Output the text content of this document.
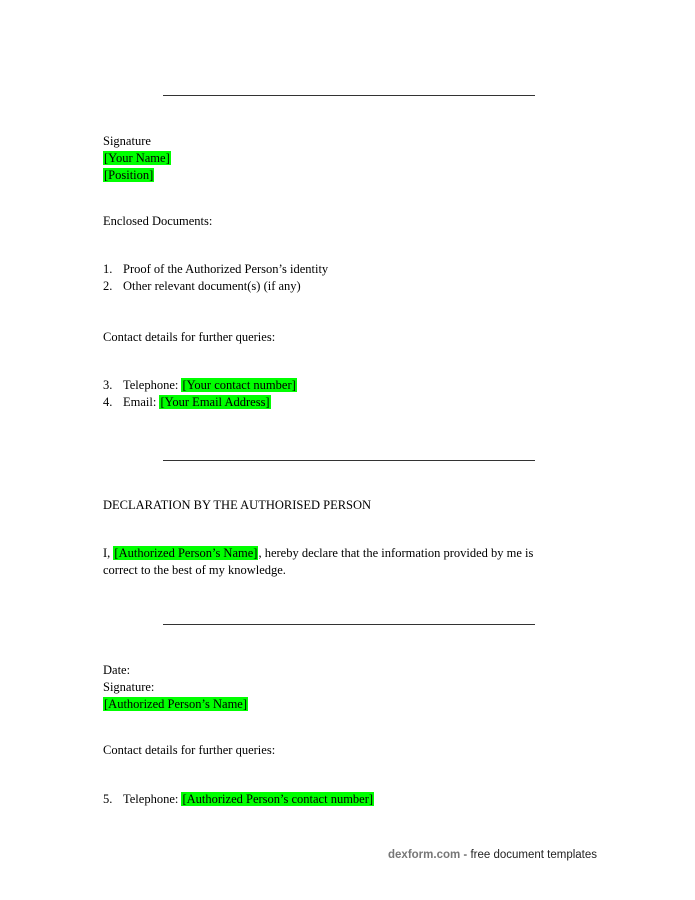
Signature
[Your Name]
[Position]
Enclosed Documents:
1. Proof of the Authorized Person’s identity
2. Other relevant document(s) (if any)
Contact details for further queries:
3. Telephone: [Your contact number]
4. Email: [Your Email Address]
DECLARATION BY THE AUTHORISED PERSON
I, [Authorized Person’s Name], hereby declare that the information provided by me is
correct to the best of my knowledge.
Date:
Signature:
[Authorized Person’s Name]
Contact details for further queries:
5. Telephone: [Authorized Person’s contact number]
dexform.com - free document templates
